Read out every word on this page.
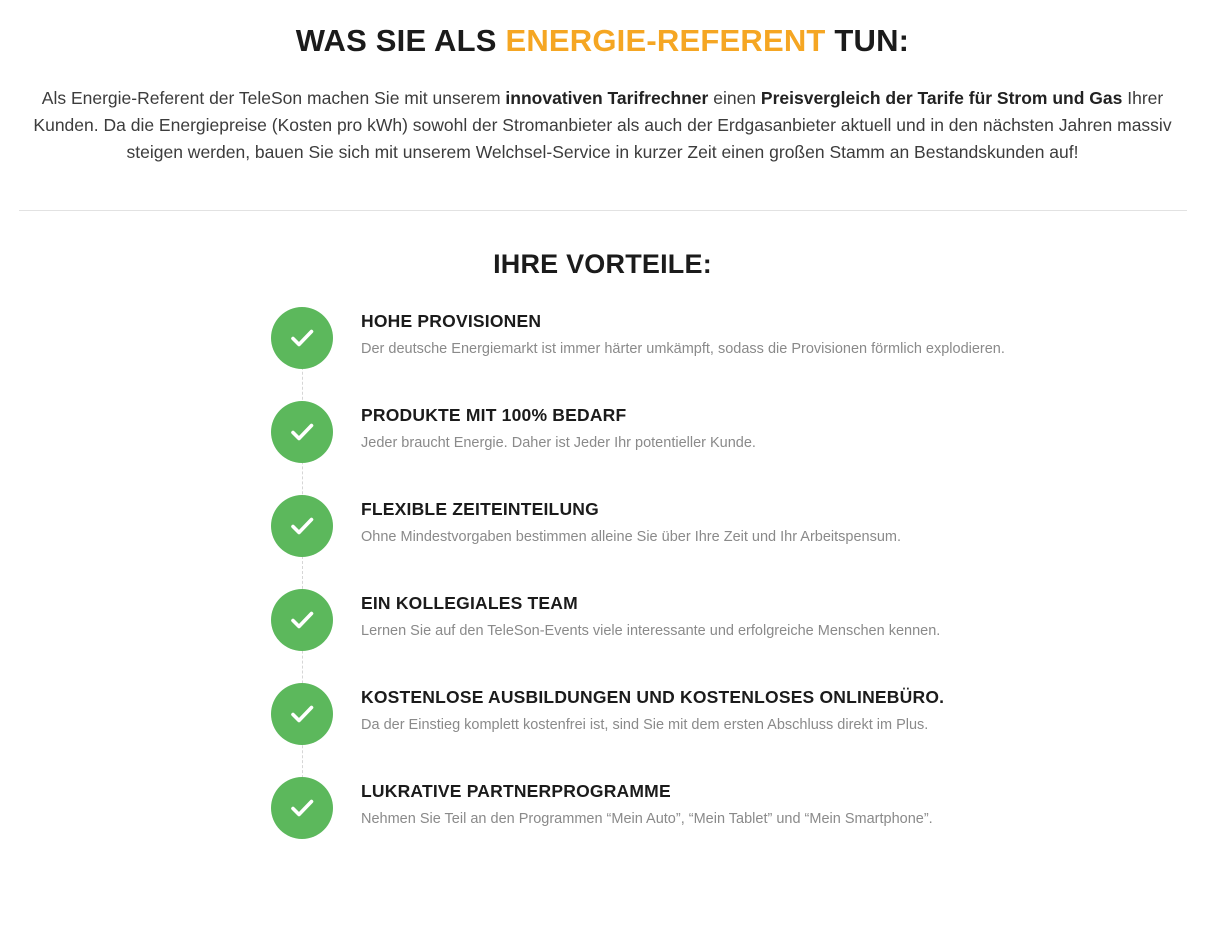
WAS SIE ALS ENERGIE-REFERENT TUN:

Als Energie-Referent der TeleSon machen Sie mit unserem innovativen Tarifrechner einen Preisvergleich der Tarife für Strom und Gas Ihrer Kunden. Da die Energiepreise (Kosten pro kWh) sowohl der Stromanbieter als auch der Erdgasanbieter aktuell und in den nächsten Jahren massiv steigen werden, bauen Sie sich mit unserem Welchsel-Service in kurzer Zeit einen großen Stamm an Bestandskunden auf!

IHRE VORTEILE:
HOHE PROVISIONEN
Der deutsche Energiemarkt ist immer härter umkämpft, sodass die Provisionen förmlich explodieren.
PRODUKTE MIT 100% BEDARF
Jeder braucht Energie. Daher ist Jeder Ihr potentieller Kunde.
FLEXIBLE ZEITEINTEILUNG
Ohne Mindestvorgaben bestimmen alleine Sie über Ihre Zeit und Ihr Arbeitspensum.
EIN KOLLEGIALES TEAM
Lernen Sie auf den TeleSon-Events viele interessante und erfolgreiche Menschen kennen.
KOSTENLOSE AUSBILDUNGEN UND KOSTENLOSES ONLINEBÜRO.
Da der Einstieg komplett kostenfrei ist, sind Sie mit dem ersten Abschluss direkt im Plus.
LUKRATIVE PARTNERPROGRAMME
Nehmen Sie Teil an den Programmen “Mein Auto”, “Mein Tablet” und “Mein Smartphone”.
